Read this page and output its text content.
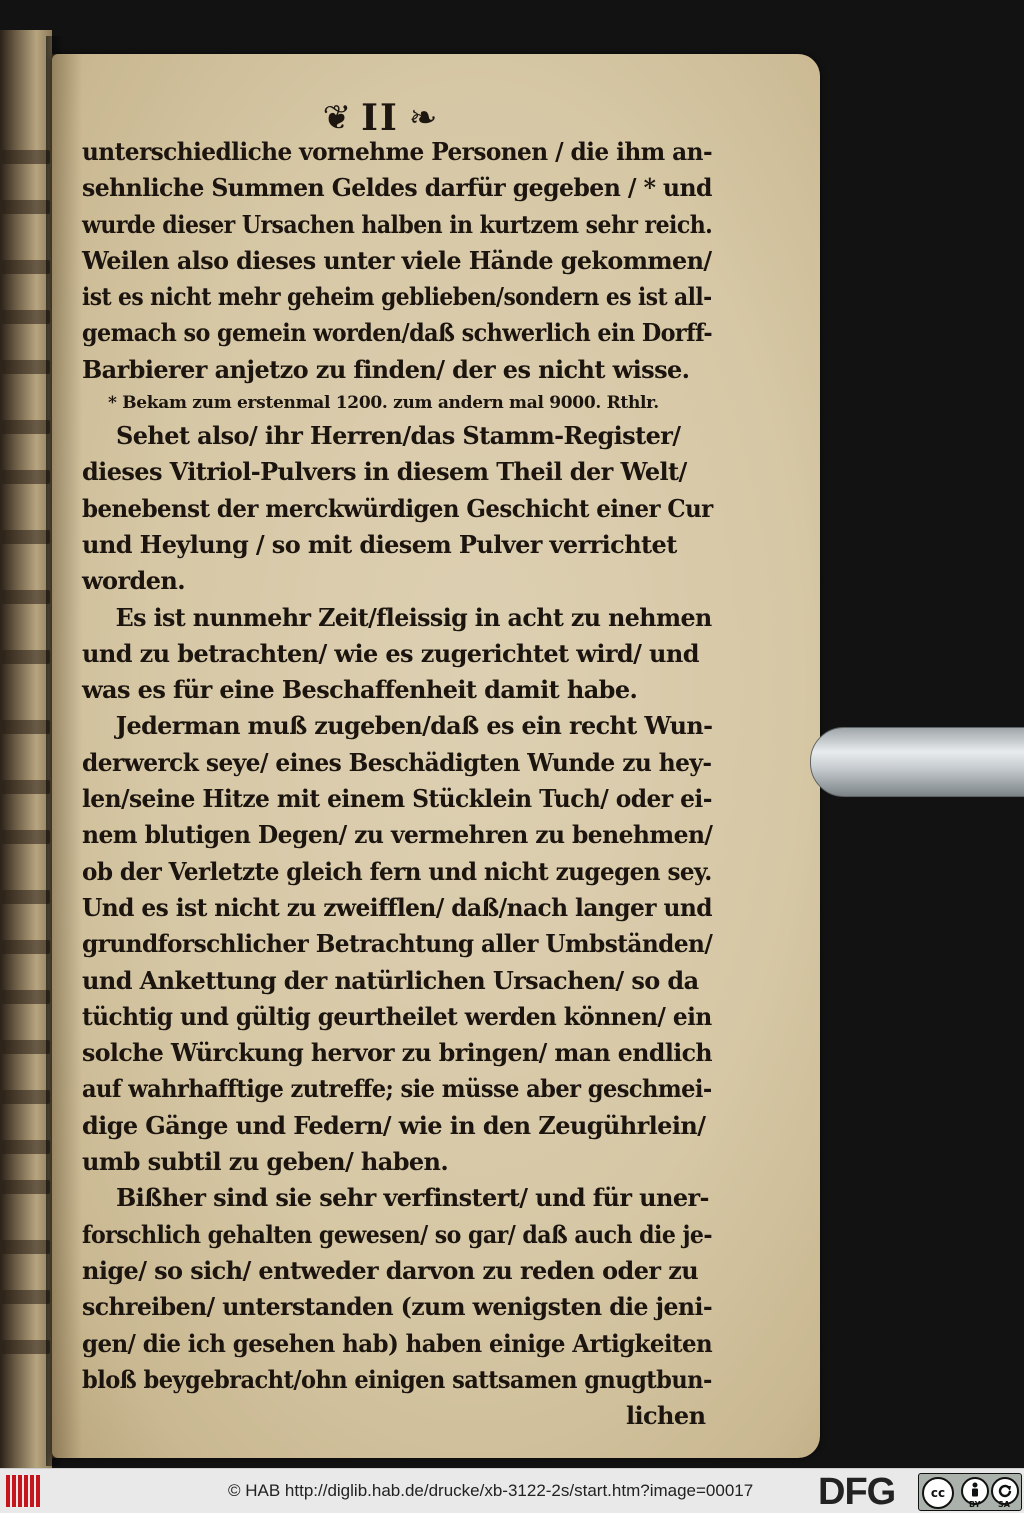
❦ II ❧
unterschiedliche vornehme Personen / die ihm an-
sehnliche Summen Geldes darfür gegeben / * und
wurde dieser Ursachen halben in kurtzem sehr reich.
Weilen also dieses unter viele Hände gekommen/
ist es nicht mehr geheim geblieben/sondern es ist all-
gemach so gemein worden/daß schwerlich ein Dorff-
Barbierer anjetzo zu finden/ der es nicht wisse.
* Bekam zum erstenmal 1200. zum andern mal 9000. Rthlr.
Sehet also/ ihr Herren/das Stamm-Register/
dieses Vitriol-Pulvers in diesem Theil der Welt/
benebenst der merckwürdigen Geschicht einer Cur
und Heylung / so mit diesem Pulver verrichtet
worden.
Es ist nunmehr Zeit/fleissig in acht zu nehmen
und zu betrachten/ wie es zugerichtet wird/ und
was es für eine Beschaffenheit damit habe.
Jederman muß zugeben/daß es ein recht Wun-
derwerck seye/ eines Beschädigten Wunde zu hey-
len/seine Hitze mit einem Stücklein Tuch/ oder ei-
nem blutigen Degen/ zu vermehren zu benehmen/
ob der Verletzte gleich fern und nicht zugegen sey.
Und es ist nicht zu zweifflen/ daß/nach langer und
grundforschlicher Betrachtung aller Umbständen/
und Ankettung der natürlichen Ursachen/ so da
tüchtig und gültig geurtheilet werden können/ ein
solche Würckung hervor zu bringen/ man endlich
auf wahrhafftige zutreffe; sie müsse aber geschmei-
dige Gänge und Federn/ wie in den Zeugührlein/
umb subtil zu geben/ haben.
Bißher sind sie sehr verfinstert/ und für uner-
forschlich gehalten gewesen/ so gar/ daß auch die je-
nige/ so sich/ entweder darvon zu reden oder zu
schreiben/ unterstanden (zum wenigsten die jeni-
gen/ die ich gesehen hab) haben einige Artigkeiten
bloß beygebracht/ohn einigen sattsamen gnugtbun-
lichen
© HAB http://diglib.hab.de/drucke/xb-3122-2s/start.htm?image=00017 DFG	cc
BY SA
